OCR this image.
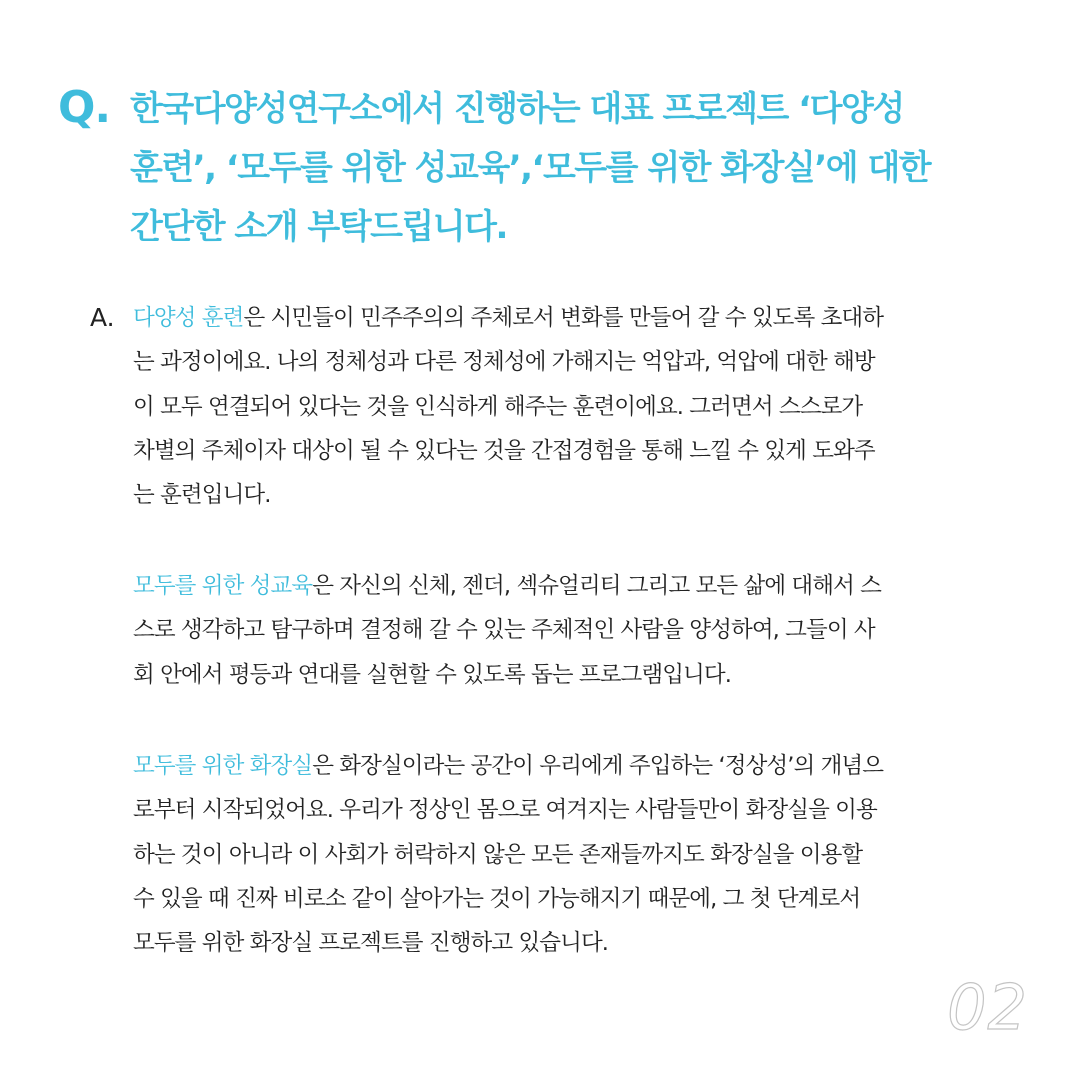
Q. 한국다양성연구소에서 진행하는 대표 프로젝트 ‘다양성
훈련’, ‘모두를 위한 성교육’,‘모두를 위한 화장실’에 대한
간단한 소개 부탁드립니다.
A. 다양성 훈련은 시민들이 민주주의의 주체로서 변화를 만들어 갈 수 있도록 초대하
는 과정이에요. 나의 정체성과 다른 정체성에 가해지는 억압과, 억압에 대한 해방
이 모두 연결되어 있다는 것을 인식하게 해주는 훈련이에요. 그러면서 스스로가
차별의 주체이자 대상이 될 수 있다는 것을 간접경험을 통해 느낄 수 있게 도와주
는 훈련입니다.

모두를 위한 성교육은 자신의 신체, 젠더, 섹슈얼리티 그리고 모든 삶에 대해서 스
스로 생각하고 탐구하며 결정해 갈 수 있는 주체적인 사람을 양성하여, 그들이 사
회 안에서 평등과 연대를 실현할 수 있도록 돕는 프로그램입니다.

모두를 위한 화장실은 화장실이라는 공간이 우리에게 주입하는 ‘정상성’의 개념으
로부터 시작되었어요. 우리가 정상인 몸으로 여겨지는 사람들만이 화장실을 이용
하는 것이 아니라 이 사회가 허락하지 않은 모든 존재들까지도 화장실을 이용할
수 있을 때 진짜 비로소 같이 살아가는 것이 가능해지기 때문에, 그 첫 단계로서
모두를 위한 화장실 프로젝트를 진행하고 있습니다.

02
